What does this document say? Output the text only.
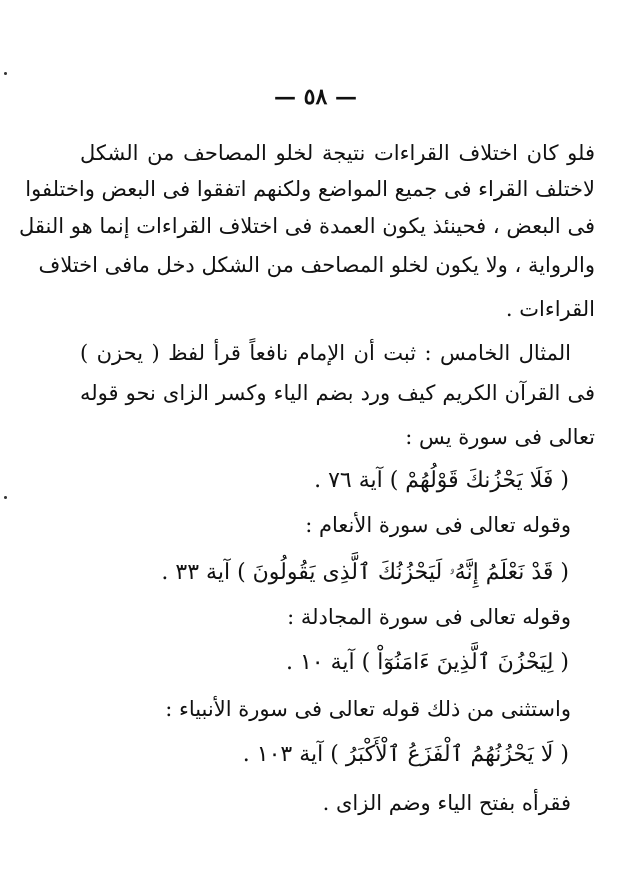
— ٥٨ —
فلو كان اختلاف القراءات نتيجة لخلو المصاحف من الشكل
لاختلف القراء فى جميع المواضع ولكنهم اتفقوا فى البعض واختلفوا
فى البعض ، فحينئذ يكون العمدة فى اختلاف القراءات إنما هو النقل
والرواية ، ولا يكون لخلو المصاحف من الشكل دخل مافى اختلاف
القراءات .
المثال الخامس : ثبت أن الإمام نافعاً قرأ لفظ ( يحزن )
فى القرآن الكريم كيف ورد بضم الياء وكسر الزاى نحو قوله
تعالى فى سورة يس :
( فَلَا يَحْزُنكَ قَوْلُهُمْ ) آية ٧٦ .
وقوله تعالى فى سورة الأنعام :
( قَدْ نَعْلَمُ إِنَّهُۥ لَيَحْزُنُكَ ٱلَّذِى يَقُولُونَ ) آية ٣٣ .
وقوله تعالى فى سورة المجادلة :
( لِيَحْزُنَ ٱلَّذِينَ ءَامَنُوٓاْ ) آية ١٠ .
واستثنى من ذلك قوله تعالى فى سورة الأنبياء :
( لَا يَحْزُنُهُمُ ٱلْفَزَعُ ٱلْأَكْبَرُ ) آية ١٠٣ .
فقرأه بفتح الياء وضم الزاى .
